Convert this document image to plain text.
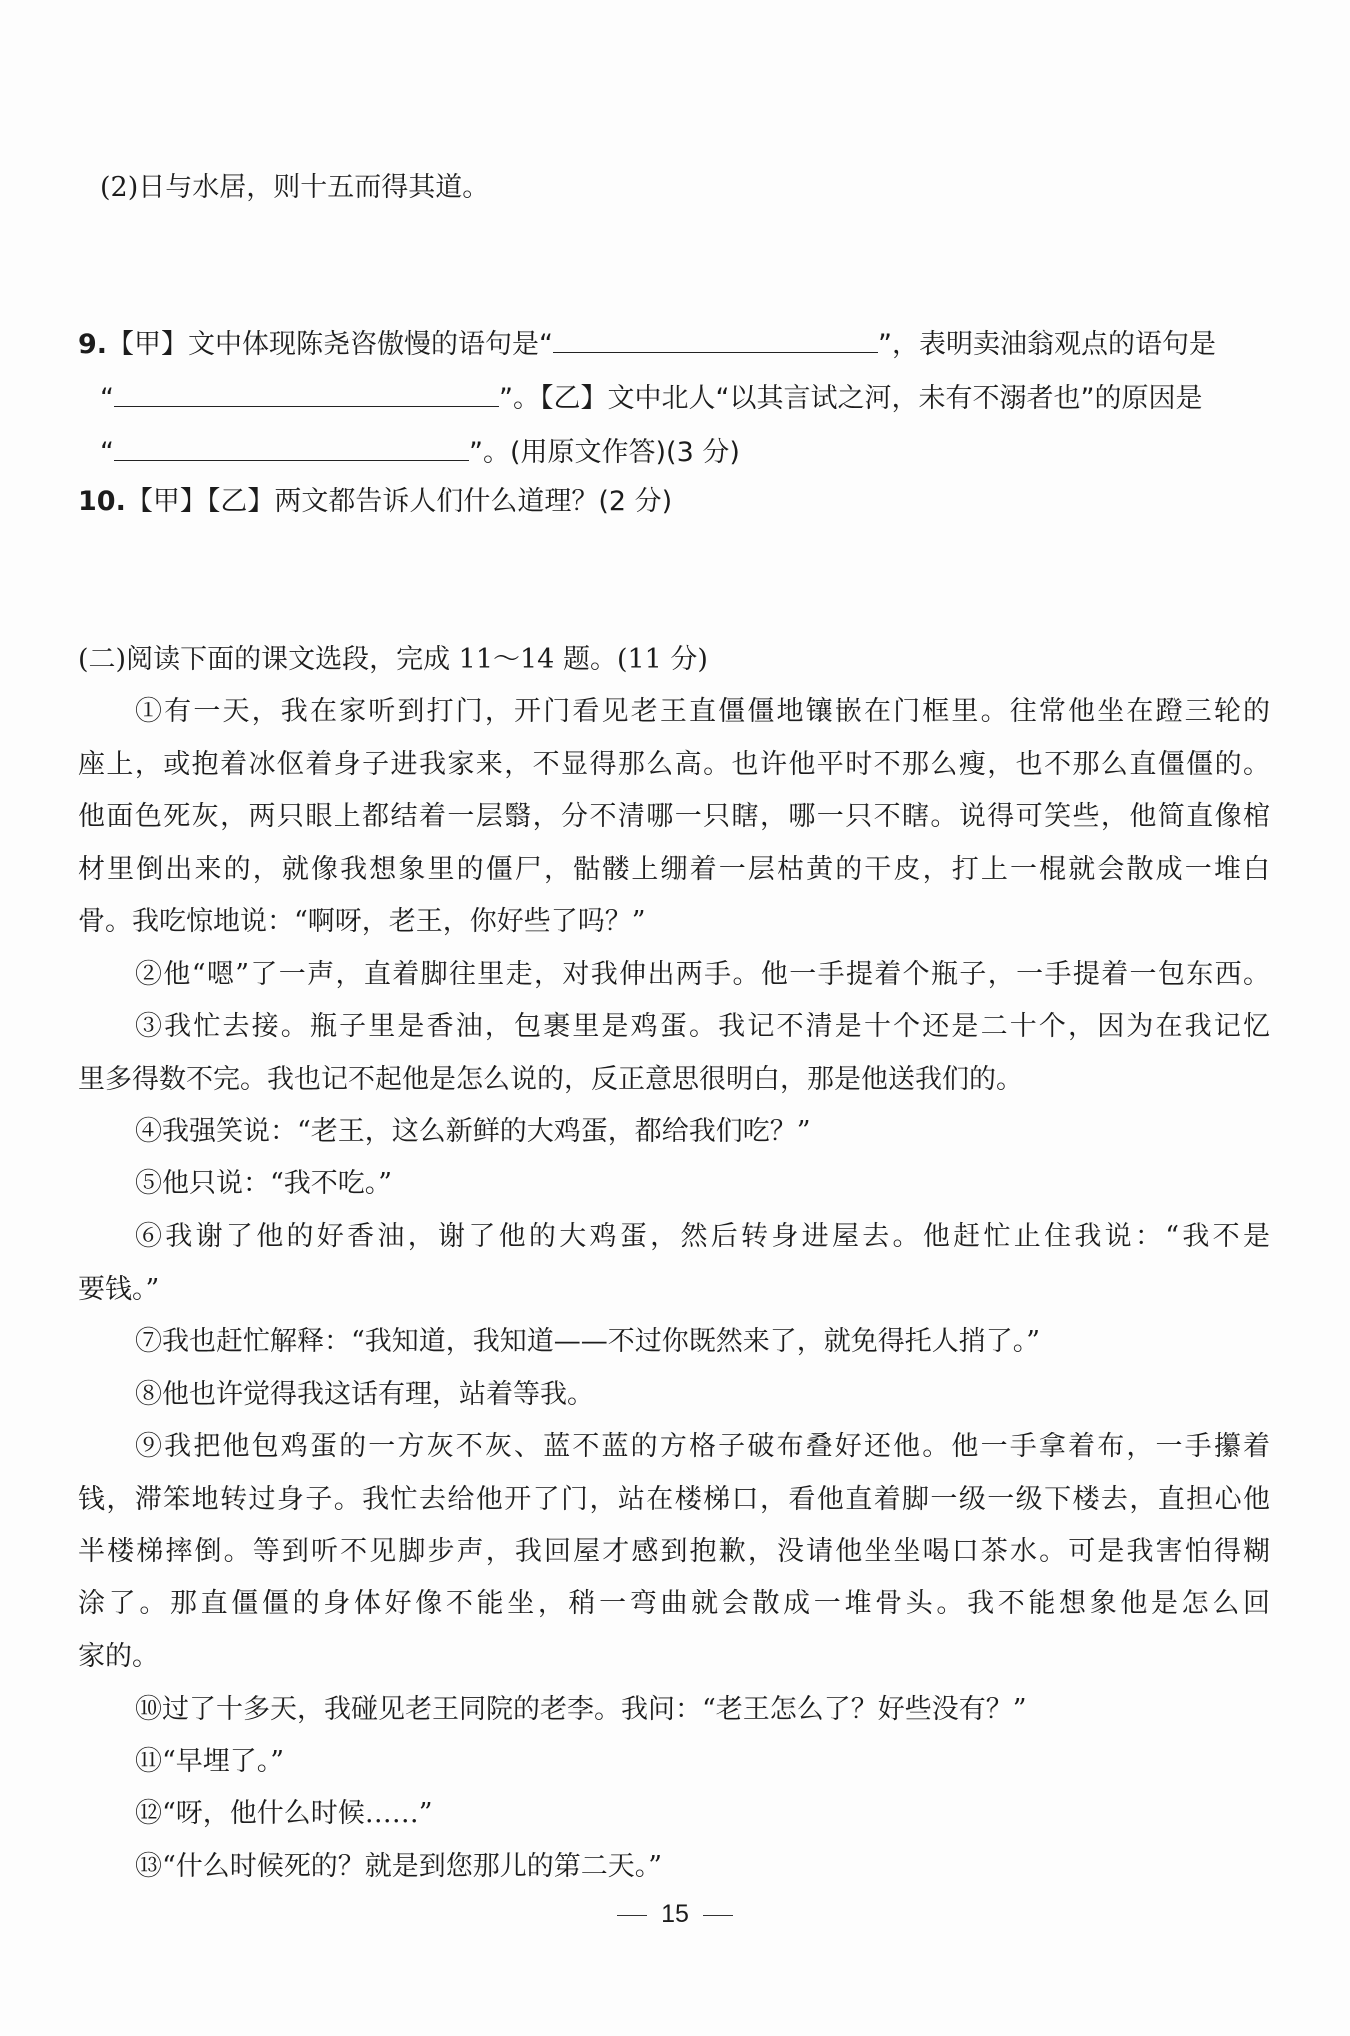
(2)日与水居，则十五而得其道。
9.【甲】文中体现陈尧咨傲慢的语句是“	”，表明卖油翁观点的语句是
“	”。【乙】文中北人“以其言试之河，未有不溺者也”的原因是
“	”。(用原文作答)(3 分)
10.【甲】【乙】两文都告诉人们什么道理？(2 分)
(二)阅读下面的课文选段，完成 11～14 题。(11 分)
①有一天，我在家听到打门，开门看见老王直僵僵地镶嵌在门框里。往常他坐在蹬三轮的
座上，或抱着冰伛着身子进我家来，不显得那么高。也许他平时不那么瘦，也不那么直僵僵的。
他面色死灰，两只眼上都结着一层翳，分不清哪一只瞎，哪一只不瞎。说得可笑些，他简直像棺
材里倒出来的，就像我想象里的僵尸，骷髅上绷着一层枯黄的干皮，打上一棍就会散成一堆白
骨。我吃惊地说：“啊呀，老王，你好些了吗？”
②他“嗯”了一声，直着脚往里走，对我伸出两手。他一手提着个瓶子，一手提着一包东西。
③我忙去接。瓶子里是香油，包裹里是鸡蛋。我记不清是十个还是二十个，因为在我记忆
里多得数不完。我也记不起他是怎么说的，反正意思很明白，那是他送我们的。
④我强笑说：“老王，这么新鲜的大鸡蛋，都给我们吃？”
⑤他只说：“我不吃。”
⑥我谢了他的好香油，谢了他的大鸡蛋，然后转身进屋去。他赶忙止住我说：“我不是
要钱。”
⑦我也赶忙解释：“我知道，我知道——不过你既然来了，就免得托人捎了。”
⑧他也许觉得我这话有理，站着等我。
⑨我把他包鸡蛋的一方灰不灰、蓝不蓝的方格子破布叠好还他。他一手拿着布，一手攥着
钱，滞笨地转过身子。我忙去给他开了门，站在楼梯口，看他直着脚一级一级下楼去，直担心他
半楼梯摔倒。等到听不见脚步声，我回屋才感到抱歉，没请他坐坐喝口茶水。可是我害怕得糊
涂了。那直僵僵的身体好像不能坐，稍一弯曲就会散成一堆骨头。我不能想象他是怎么回
家的。
⑩过了十多天，我碰见老王同院的老李。我问：“老王怎么了？好些没有？”
⑪“早埋了。”
⑫“呀，他什么时候……”
⑬“什么时候死的？就是到您那儿的第二天。”
15
